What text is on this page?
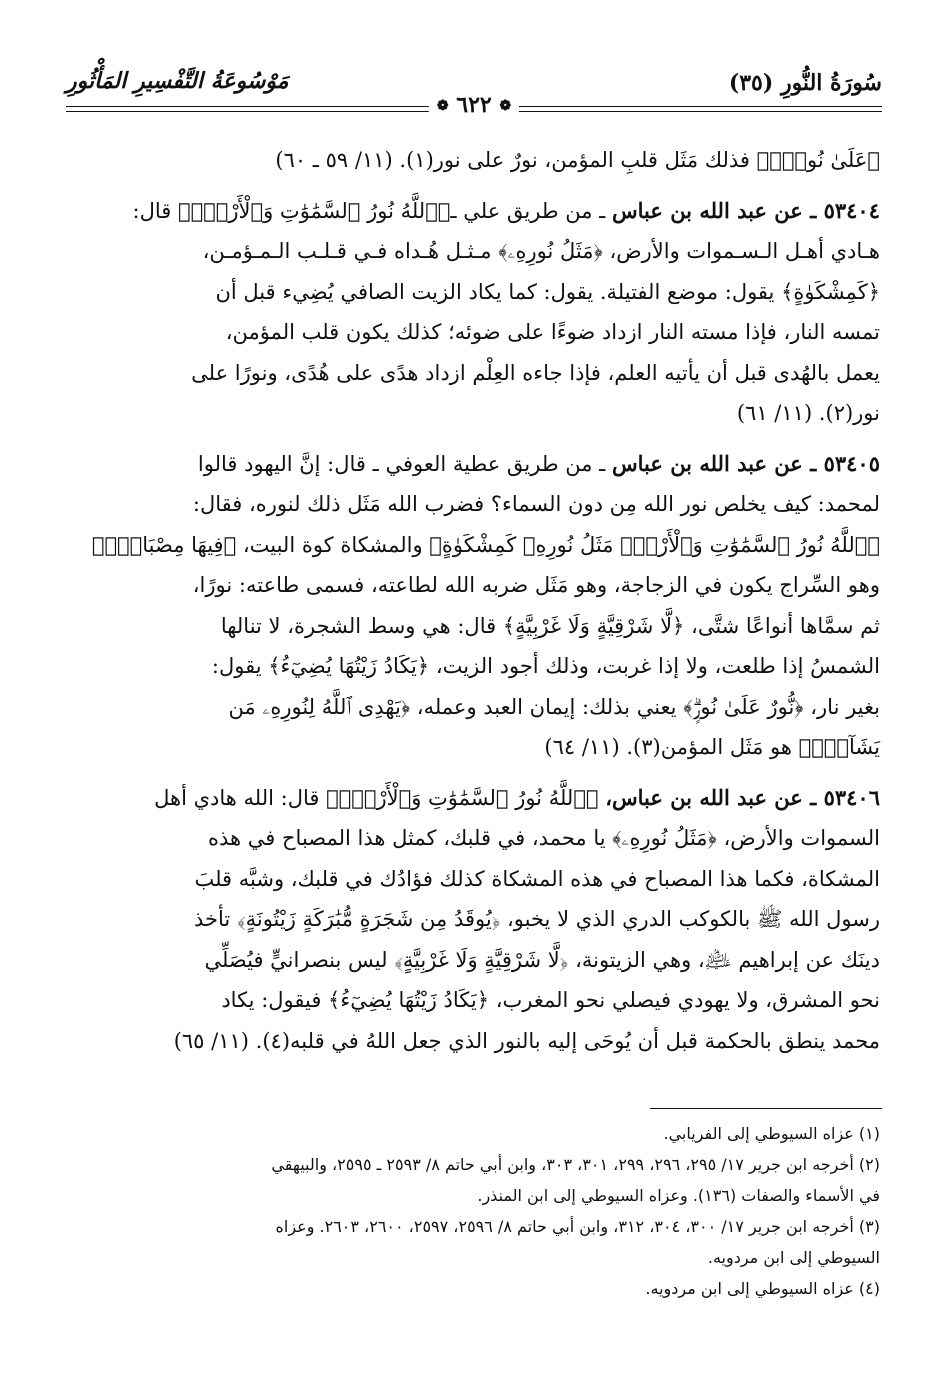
سُورَةُ النُّورِ (٣٥)
مَوْسُوعَةُ التَّفْسِيرِ المَأْثُورِ
❁ ٦٢٢ ❁
﴿عَلَىٰ نُورٍۗ﴾ فذلك مَثَل قلبِ المؤمن، نورٌ على نور(١). (١١/ ٥٩ ـ ٦٠)
٥٣٤٠٤ ـ عن عبد الله بن عباس ـ من طريق علي ـ﴿ٱللَّهُ نُورُ ٱلسَّمَٰوَٰتِ وَٱلْأَرْضِۚ﴾ قال:
هـادي أهـل الـسـموات والأرض، ﴿مَثَلُ نُورِهِۦ﴾ مـثـل هُـداه فـي قـلـب الـمـؤمـن،
﴿كَمِشْكَوٰةٍ﴾ يقول: موضع الفتيلة. يقول: كما يكاد الزيت الصافي يُضِيء قبل أن
تمسه النار، فإذا مسته النار ازداد ضوءًا على ضوئه؛ كذلك يكون قلب المؤمن،
يعمل بالهُدى قبل أن يأتيه العلم، فإذا جاءه العِلْم ازداد هدًى على هُدًى، ونورًا على
نور(٢). (١١/ ٦١)
٥٣٤٠٥ ـ عن عبد الله بن عباس ـ من طريق عطية العوفي ـ قال: إنَّ اليهود قالوا
لمحمد: كيف يخلص نور الله مِن دون السماء؟ فضرب الله مَثَل ذلك لنوره، فقال:
﴿ٱللَّهُ نُورُ ٱلسَّمَٰوَٰتِ وَٱلْأَرْضِۚ مَثَلُ نُورِهِۦ كَمِشْكَوٰةٍ﴾ والمشكاة كوة البيت، ﴿فِيهَا مِصْبَاحٌۖ﴾
وهو السِّراج يكون في الزجاجة، وهو مَثَل ضربه الله لطاعته، فسمى طاعته: نورًا،
ثم سمَّاها أنواعًا شتَّى، ﴿لَّا شَرْقِيَّةٍ وَلَا غَرْبِيَّةٍ﴾ قال: هي وسط الشجرة، لا تنالها
الشمسُ إذا طلعت، ولا إذا غربت، وذلك أجود الزيت، ﴿يَكَادُ زَيْتُهَا يُضِيٓءُ﴾ يقول:
بغير نار، ﴿نُّورٌ عَلَىٰ نُورٍۗ﴾ يعني بذلك: إيمان العبد وعمله، ﴿يَهْدِى ٱللَّهُ لِنُورِهِۦ مَن
يَشَآءُۚ﴾ هو مَثَل المؤمن(٣). (١١/ ٦٤)
٥٣٤٠٦ ـ عن عبد الله بن عباس، ﴿ٱللَّهُ نُورُ ٱلسَّمَٰوَٰتِ وَٱلْأَرْضِۚ﴾ قال: الله هادي أهل
السموات والأرض، ﴿مَثَلُ نُورِهِۦ﴾ يا محمد، في قلبك، كمثل هذا المصباح في هذه
المشكاة، فكما هذا المصباح في هذه المشكاة كذلك فؤادُك في قلبك، وشبَّه قلبَ
رسول الله ﷺ بالكوكب الدري الذي لا يخبو، ﴿يُوقَدُ مِن شَجَرَةٍ مُّبَٰرَكَةٍ زَيْتُونَةٍ﴾ تأخذ
دينَك عن إبراهيم ﵇، وهي الزيتونة، ﴿لَّا شَرْقِيَّةٍ وَلَا غَرْبِيَّةٍ﴾ ليس بنصرانيٍّ فيُصَلِّي
نحو المشرق، ولا يهودي فيصلي نحو المغرب، ﴿يَكَادُ زَيْتُهَا يُضِيٓءُ﴾ فيقول: يكاد
محمد ينطق بالحكمة قبل أن يُوحَى إليه بالنور الذي جعل اللهُ في قلبه(٤). (١١/ ٦٥)
(١) عزاه السيوطي إلى الفريابي.
(٢) أخرجه ابن جرير ١٧/ ٢٩٥، ٢٩٦، ٢٩٩، ٣٠١، ٣٠٣، وابن أبي حاتم ٨/ ٢٥٩٣ ـ ٢٥٩٥، والبيهقي
في الأسماء والصفات (١٣٦). وعزاه السيوطي إلى ابن المنذر.
(٣) أخرجه ابن جرير ١٧/ ٣٠٠، ٣٠٤، ٣١٢، وابن أبي حاتم ٨/ ٢٥٩٦، ٢٥٩٧، ٢٦٠٠، ٢٦٠٣. وعزاه
السيوطي إلى ابن مردويه.
(٤) عزاه السيوطي إلى ابن مردويه.
